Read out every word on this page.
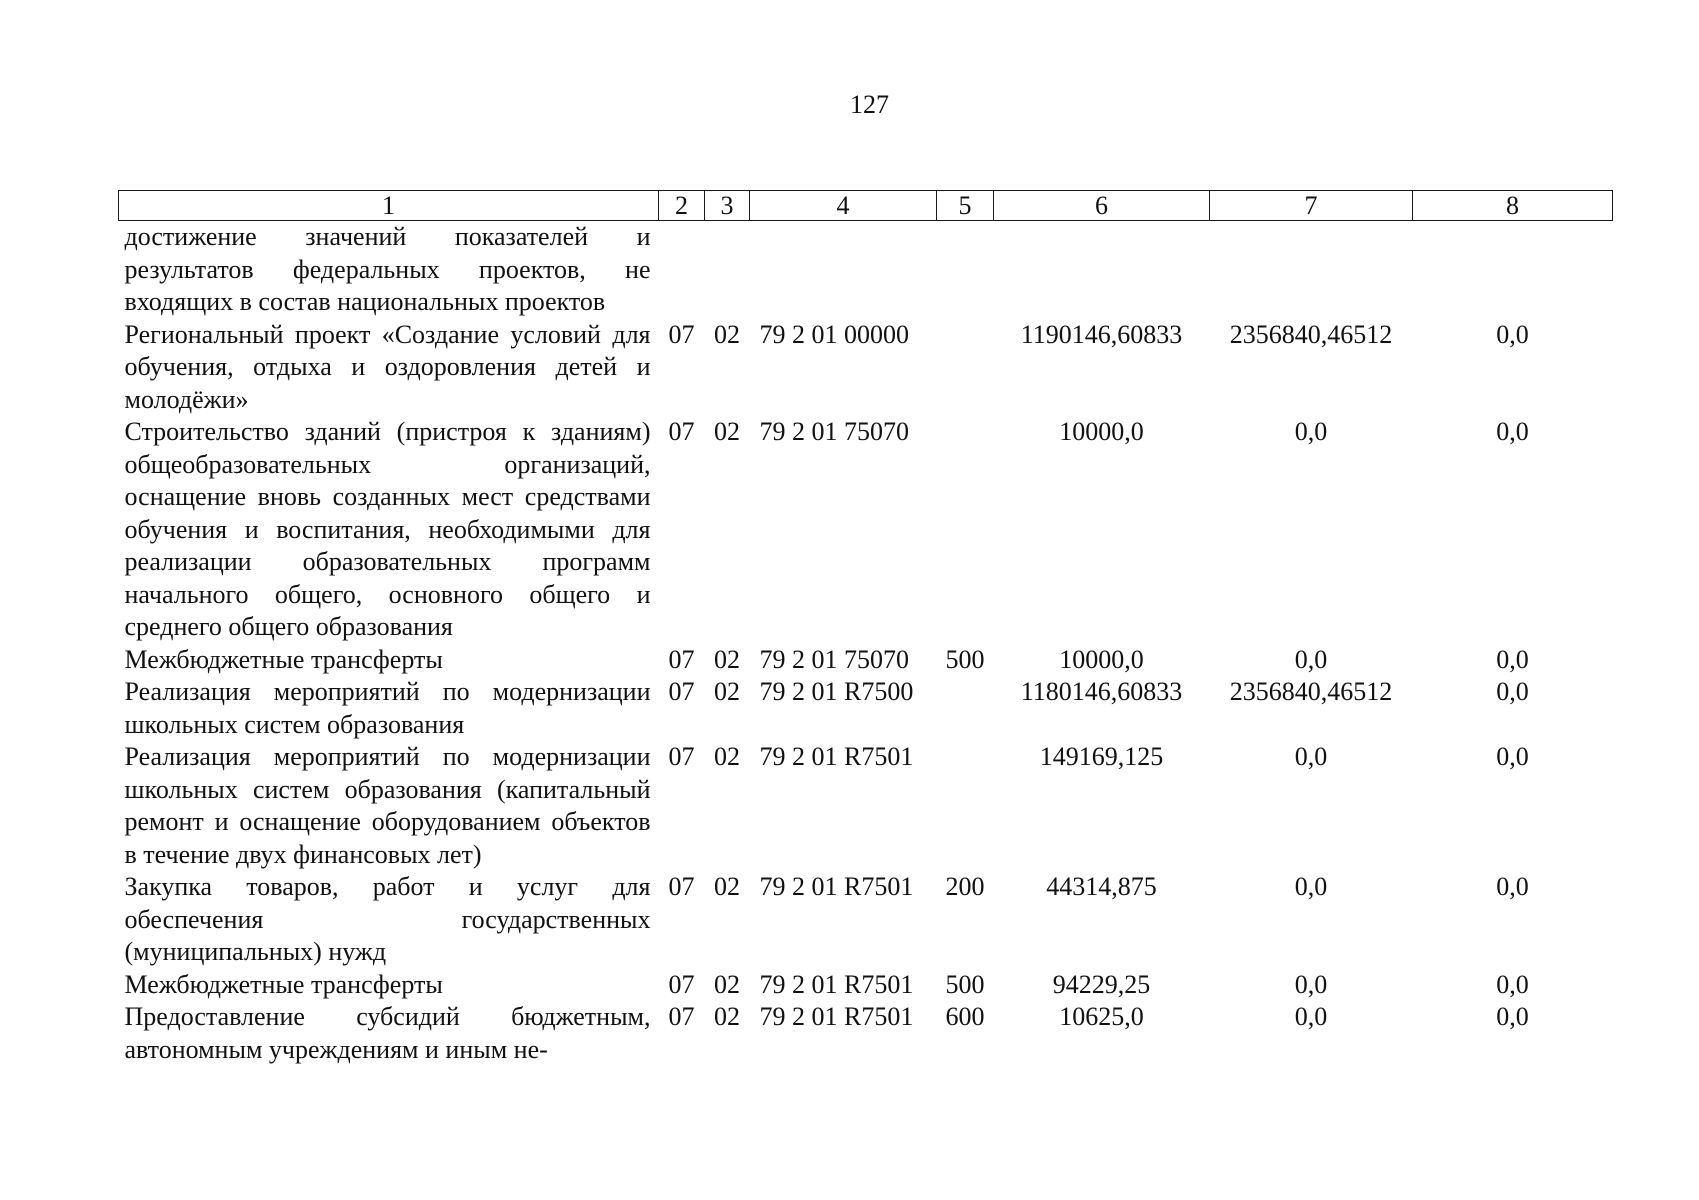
127
1	2	3	4	5	6	7	8
достижение значений показателей и результатов федеральных проектов, не входящих в состав национальных проектов							
Региональный проект «Создание условий для обучения, отдыха и оздоровления детей и молодёжи»	07	02	79 2 01 00000		1190146,60833	2356840,46512	0,0
Строительство зданий (пристроя к зданиям) общеобразовательных организаций, оснащение вновь созданных мест средствами обучения и воспитания, необходимыми для реализации образовательных программ начального общего, основного общего и среднего общего образования	07	02	79 2 01 75070		10000,0	0,0	0,0
Межбюджетные трансферты	07	02	79 2 01 75070	500	10000,0	0,0	0,0
Реализация мероприятий по модернизации школьных систем образования	07	02	79 2 01 R7500		1180146,60833	2356840,46512	0,0
Реализация мероприятий по модернизации школьных систем образования (капитальный ремонт и оснащение оборудованием объектов в течение двух финансовых лет)	07	02	79 2 01 R7501		149169,125	0,0	0,0
Закупка товаров, работ и услуг для обеспечения государственных (муниципальных) нужд	07	02	79 2 01 R7501	200	44314,875	0,0	0,0
Межбюджетные трансферты	07	02	79 2 01 R7501	500	94229,25	0,0	0,0
Предоставление субсидий бюджетным, автономным учреждениям и иным не-	07	02	79 2 01 R7501	600	10625,0	0,0	0,0
